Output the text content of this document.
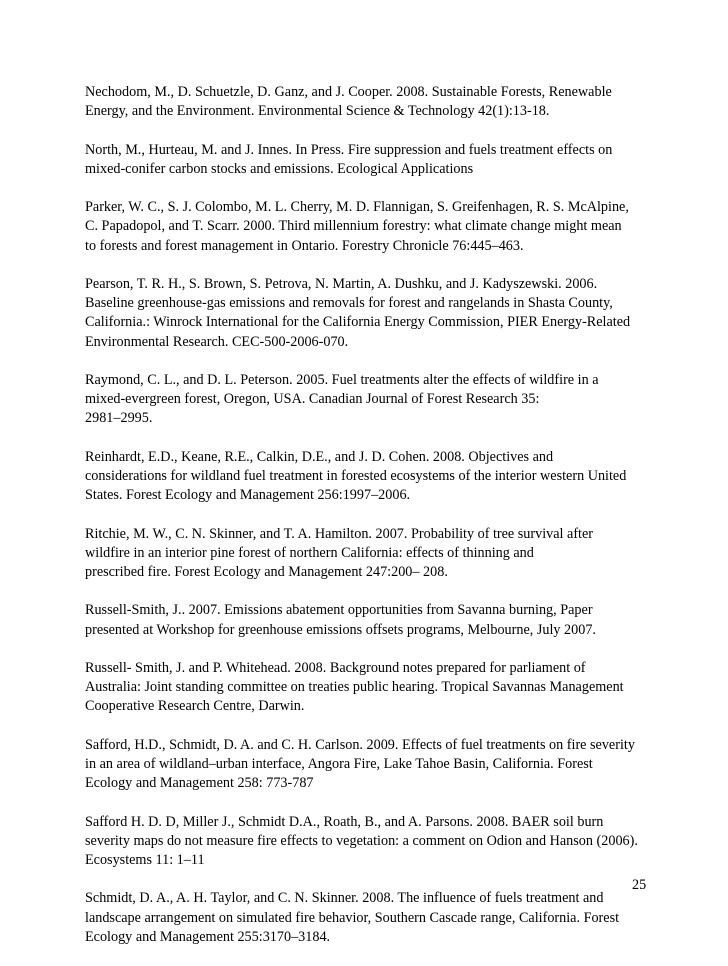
Nechodom, M., D. Schuetzle, D. Ganz, and J. Cooper. 2008. Sustainable Forests, Renewable
Energy, and the Environment. Environmental Science & Technology 42(1):13-18.

North, M., Hurteau, M. and J. Innes. In Press. Fire suppression and fuels treatment effects on
mixed-conifer carbon stocks and emissions. Ecological Applications

Parker, W. C., S. J. Colombo, M. L. Cherry, M. D. Flannigan, S. Greifenhagen, R. S. McAlpine,
C. Papadopol, and T. Scarr. 2000. Third millennium forestry: what climate change might mean
to forests and forest management in Ontario. Forestry Chronicle 76:445–463.

Pearson, T. R. H., S. Brown, S. Petrova, N. Martin, A. Dushku, and J. Kadyszewski. 2006.
Baseline greenhouse-gas emissions and removals for forest and rangelands in Shasta County,
California.: Winrock International for the California Energy Commission, PIER Energy-Related
Environmental Research. CEC-500-2006-070.

Raymond, C. L., and D. L. Peterson. 2005. Fuel treatments alter the effects of wildfire in a
mixed-evergreen forest, Oregon, USA. Canadian Journal of Forest Research 35:
2981–2995.

Reinhardt, E.D., Keane, R.E., Calkin, D.E., and J. D. Cohen. 2008. Objectives and
considerations for wildland fuel treatment in forested ecosystems of the interior western United
States. Forest Ecology and Management 256:1997–2006.

Ritchie, M. W., C. N. Skinner, and T. A. Hamilton. 2007. Probability of tree survival after
wildfire in an interior pine forest of northern California: effects of thinning and
prescribed fire. Forest Ecology and Management 247:200– 208.

Russell-Smith, J.. 2007. Emissions abatement opportunities from Savanna burning, Paper
presented at Workshop for greenhouse emissions offsets programs, Melbourne, July 2007.

Russell- Smith, J. and P. Whitehead. 2008. Background notes prepared for parliament of
Australia: Joint standing committee on treaties public hearing. Tropical Savannas Management
Cooperative Research Centre, Darwin.

Safford, H.D., Schmidt, D. A. and C. H. Carlson. 2009. Effects of fuel treatments on fire severity
in an area of wildland–urban interface, Angora Fire, Lake Tahoe Basin, California. Forest
Ecology and Management 258: 773-787

Safford H. D. D, Miller J., Schmidt D.A., Roath, B., and A. Parsons. 2008. BAER soil burn
severity maps do not measure fire effects to vegetation: a comment on Odion and Hanson (2006).
Ecosystems 11: 1–11

Schmidt, D. A., A. H. Taylor, and C. N. Skinner. 2008. The influence of fuels treatment and
landscape arrangement on simulated fire behavior, Southern Cascade range, California. Forest
Ecology and Management 255:3170–3184.

25
